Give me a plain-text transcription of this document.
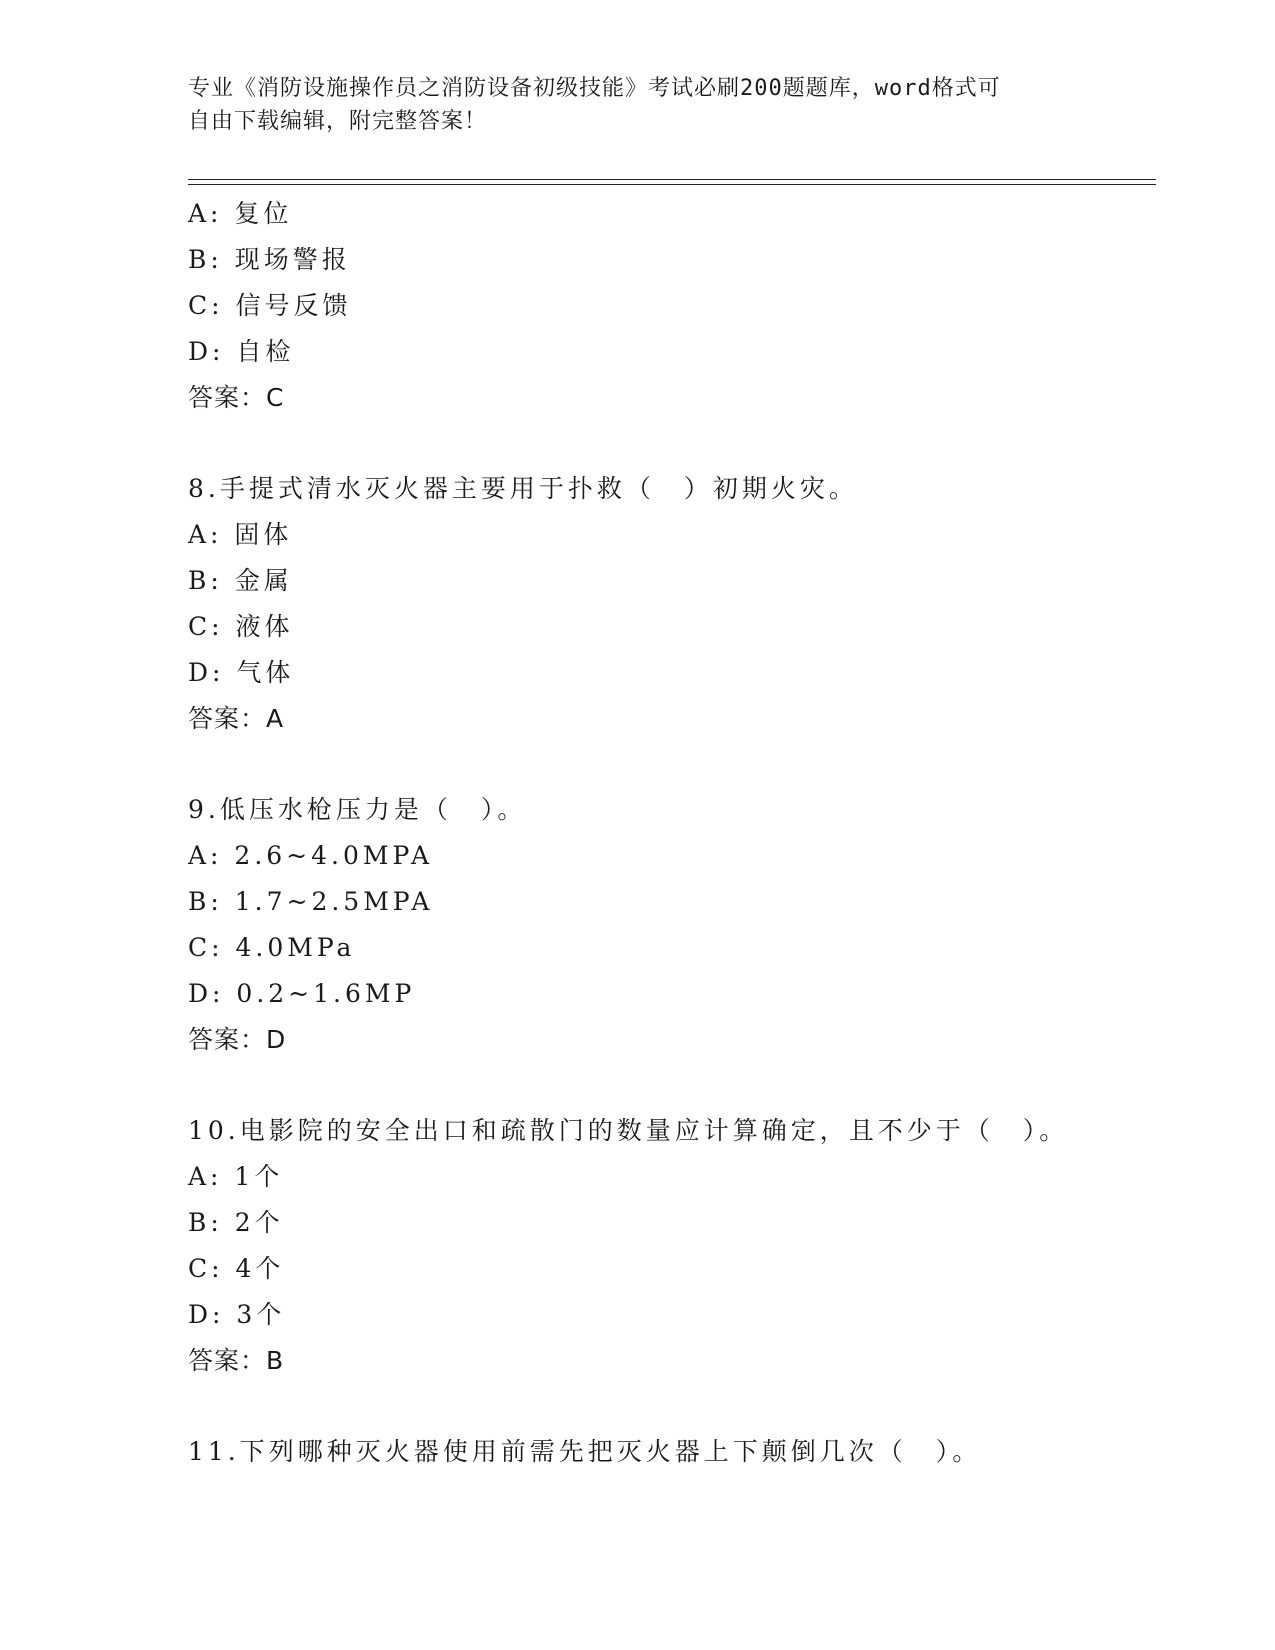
专业《消防设施操作员之消防设备初级技能》考试必刷200题题库，word格式可
自由下载编辑，附完整答案！
A: 复位
B: 现场警报
C: 信号反馈
D: 自检
答案：C
8.手提式清水灭火器主要用于扑救（　）初期火灾。
A: 固体
B: 金属
C: 液体
D: 气体
答案：A
9.低压水枪压力是（　）。
A: 2.6~4.0MPA
B: 1.7~2.5MPA
C: 4.0MPa
D: 0.2~1.6MP
答案：D
10.电影院的安全出口和疏散门的数量应计算确定，且不少于（　）。
A: 1个
B: 2个
C: 4个
D: 3个
答案：B
11.下列哪种灭火器使用前需先把灭火器上下颠倒几次（　）。
